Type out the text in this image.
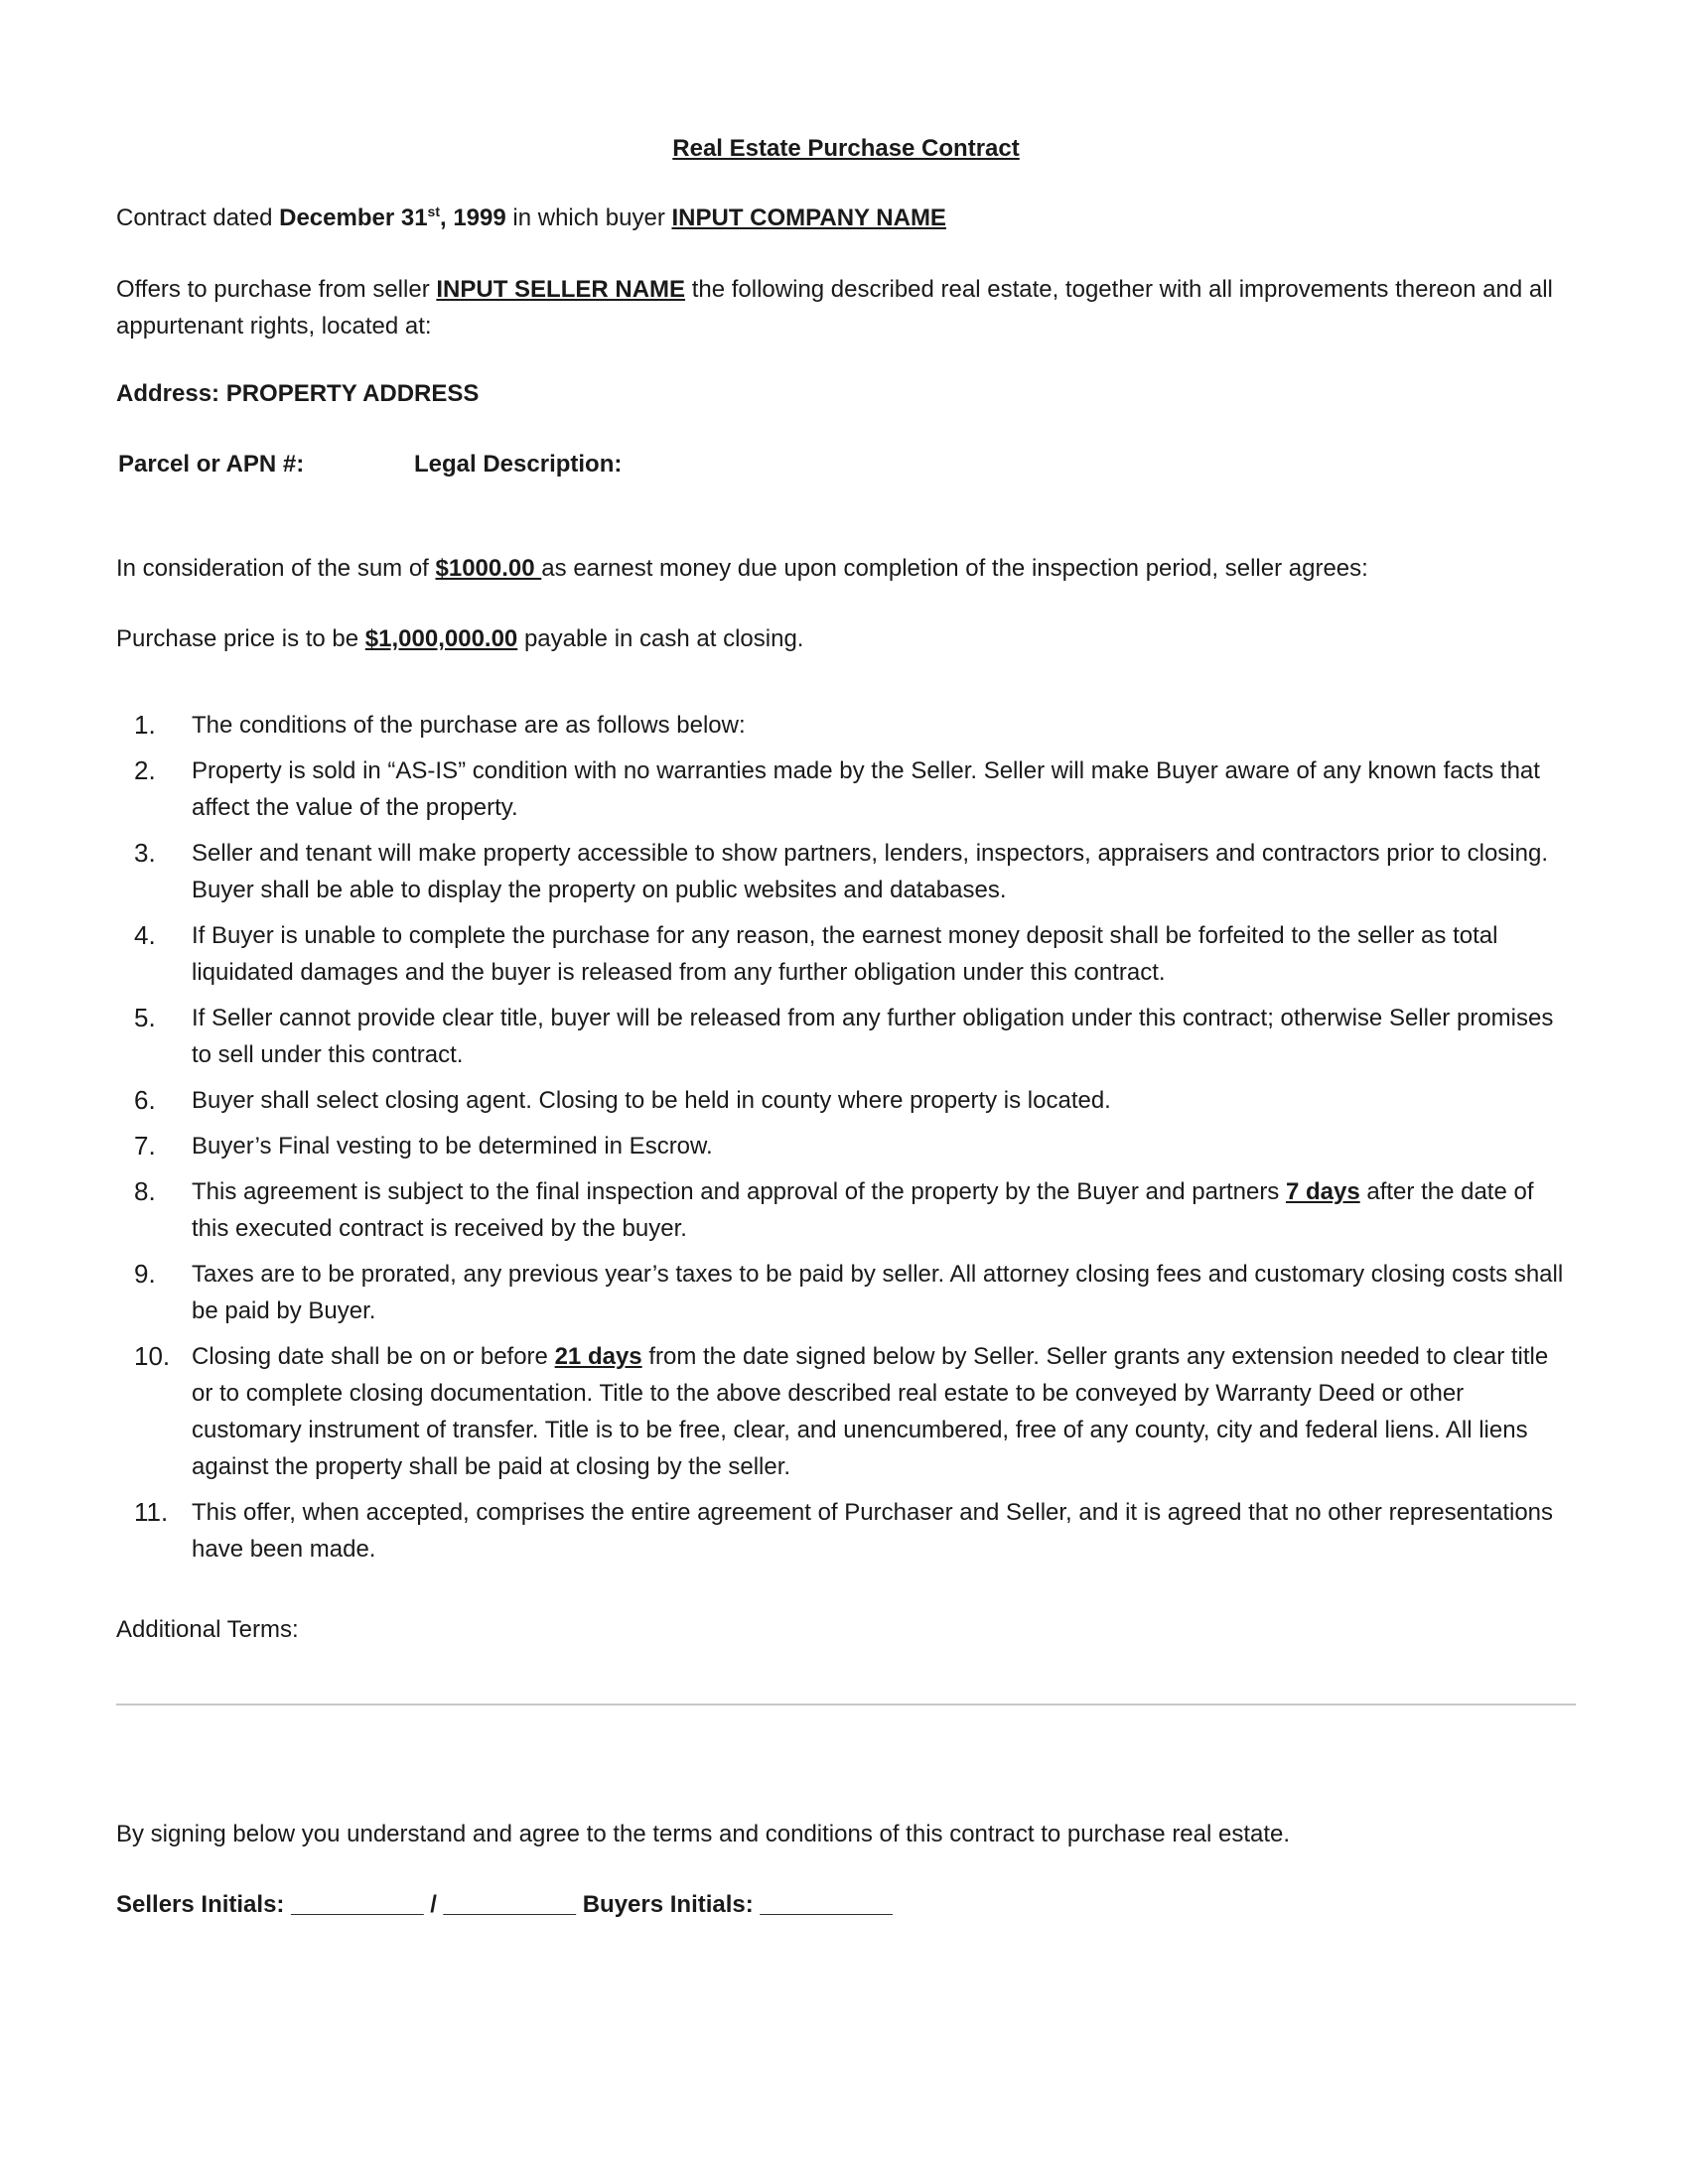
Real Estate Purchase Contract
Contract dated December 31st, 1999 in which buyer INPUT COMPANY NAME
Offers to purchase from seller INPUT SELLER NAME the following described real estate, together with all improvements thereon and all appurtenant rights, located at:
Address: PROPERTY ADDRESS
Parcel or APN #:	Legal Description:
In consideration of the sum of $1000.00 as earnest money due upon completion of the inspection period, seller agrees:
Purchase price is to be $1,000,000.00 payable in cash at closing.
1. The conditions of the purchase are as follows below:
2. Property is sold in “AS-IS” condition with no warranties made by the Seller. Seller will make Buyer aware of any known facts that affect the value of the property.
3. Seller and tenant will make property accessible to show partners, lenders, inspectors, appraisers and contractors prior to closing. Buyer shall be able to display the property on public websites and databases.
4. If Buyer is unable to complete the purchase for any reason, the earnest money deposit shall be forfeited to the seller as total liquidated damages and the buyer is released from any further obligation under this contract.
5. If Seller cannot provide clear title, buyer will be released from any further obligation under this contract; otherwise Seller promises to sell under this contract.
6. Buyer shall select closing agent. Closing to be held in county where property is located.
7. Buyer’s Final vesting to be determined in Escrow.
8. This agreement is subject to the final inspection and approval of the property by the Buyer and partners 7 days after the date of this executed contract is received by the buyer.
9. Taxes are to be prorated, any previous year’s taxes to be paid by seller. All attorney closing fees and customary closing costs shall be paid by Buyer.
10. Closing date shall be on or before 21 days from the date signed below by Seller. Seller grants any extension needed to clear title or to complete closing documentation. Title to the above described real estate to be conveyed by Warranty Deed or other customary instrument of transfer. Title is to be free, clear, and unencumbered, free of any county, city and federal liens. All liens against the property shall be paid at closing by the seller.
11. This offer, when accepted, comprises the entire agreement of Purchaser and Seller, and it is agreed that no other representations have been made.
Additional Terms:
By signing below you understand and agree to the terms and conditions of this contract to purchase real estate.
Sellers Initials: __________ / __________ Buyers Initials: __________
